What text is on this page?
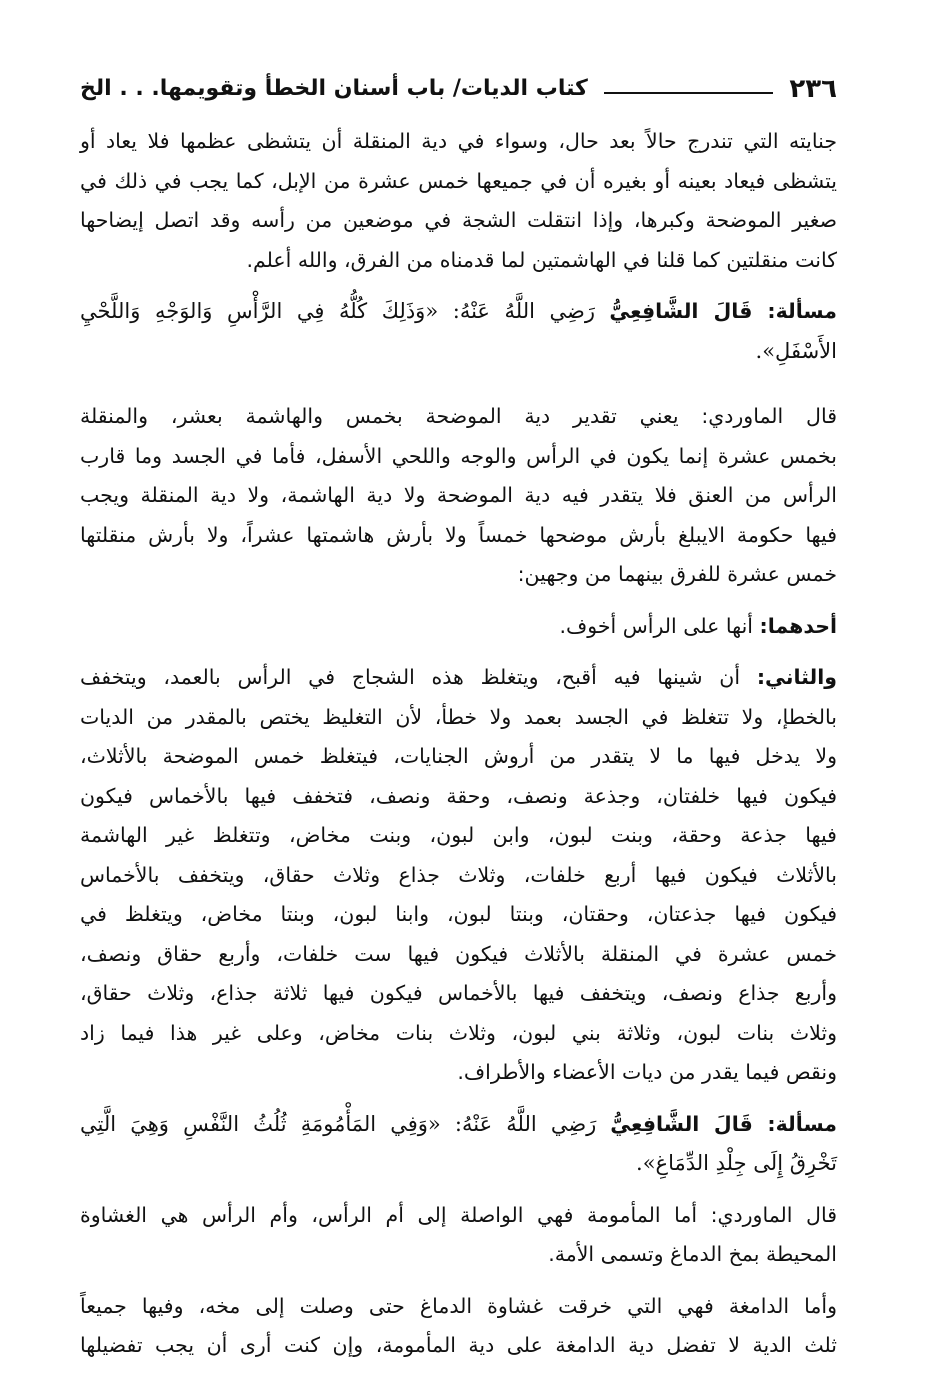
٢٣٦
كتاب الديات/ باب أسنان الخطأ وتقويمها. . . الخ
جنايته التي تندرج حالاً بعد حال، وسواء في دية المنقلة أن يتشظى عظمها فلا يعاد أو
يتشظى فيعاد بعينه أو بغيره أن في جميعها خمس عشرة من الإبل، كما يجب في ذلك في
صغير الموضحة وكبرها، وإذا انتقلت الشجة في موضعين من رأسه وقد اتصل إيضاحها
كانت منقلتين كما قلنا في الهاشمتين لما قدمناه من الفرق، والله أعلم.
مسألة: قَالَ الشَّافِعِيُّ رَضِي اللَّهُ عَنْهُ: «وَذَلِكَ كُلُّهُ فِي الرَّأْسِ وَالوَجْهِ وَاللَّحْيِ
الأَسْفَلِ».
قال الماوردي: يعني تقدير دية الموضحة بخمس والهاشمة بعشر، والمنقلة
بخمس عشرة إنما يكون في الرأس والوجه واللحي الأسفل، فأما في الجسد وما قارب
الرأس من العنق فلا يتقدر فيه دية الموضحة ولا دية الهاشمة، ولا دية المنقلة ويجب
فيها حكومة الايبلغ بأرش موضحها خمساً ولا بأرش هاشمتها عشراً، ولا بأرش منقلتها
خمس عشرة للفرق بينهما من وجهين:
أحدهما: أنها على الرأس أخوف.
والثاني: أن شينها فيه أقبح، ويتغلظ هذه الشجاج في الرأس بالعمد، ويتخفف
بالخطإ، ولا تتغلظ في الجسد بعمد ولا خطأ، لأن التغليظ يختص بالمقدر من الديات
ولا يدخل فيها ما لا يتقدر من أروش الجنايات، فيتغلظ خمس الموضحة بالأثلاث،
فيكون فيها خلفتان، وجذعة ونصف، وحقة ونصف، فتخفف فيها بالأخماس فيكون
فيها جذعة وحقة، وبنت لبون، وابن لبون، وبنت مخاض، وتتغلظ غير الهاشمة
بالأثلاث فيكون فيها أربع خلفات، وثلاث جذاع وثلاث حقاق، ويتخفف بالأخماس
فيكون فيها جذعتان، وحقتان، وبنتا لبون، وابنا لبون، وبنتا مخاض، ويتغلظ في
خمس عشرة في المنقلة بالأثلاث فيكون فيها ست خلفات، وأربع حقاق ونصف،
وأربع جذاع ونصف، ويتخفف فيها بالأخماس فيكون فيها ثلاثة جذاع، وثلاث حقاق،
وثلاث بنات لبون، وثلاثة بني لبون، وثلاث بنات مخاض، وعلى غير هذا فيما زاد
ونقص فيما يقدر من ديات الأعضاء والأطراف.
مسألة: قَالَ الشَّافِعِيُّ رَضِي اللَّهُ عَنْهُ: «وَفِي المَأْمُومَةِ ثُلُثُ النَّفْسِ وَهِيَ الَّتِي
تَخْرِقُ إِلَى جِلْدِ الدِّمَاغِ».
قال الماوردي: أما المأمومة فهي الواصلة إلى أم الرأس، وأم الرأس هي الغشاوة
المحيطة بمخ الدماغ وتسمى الأمة.
وأما الدامغة فهي التي خرقت غشاوة الدماغ حتى وصلت إلى مخه، وفيها جميعاً
ثلث الدية لا تفضل دية الدامغة على دية المأمومة، وإن كنت أرى أن يجب تفضيلها
